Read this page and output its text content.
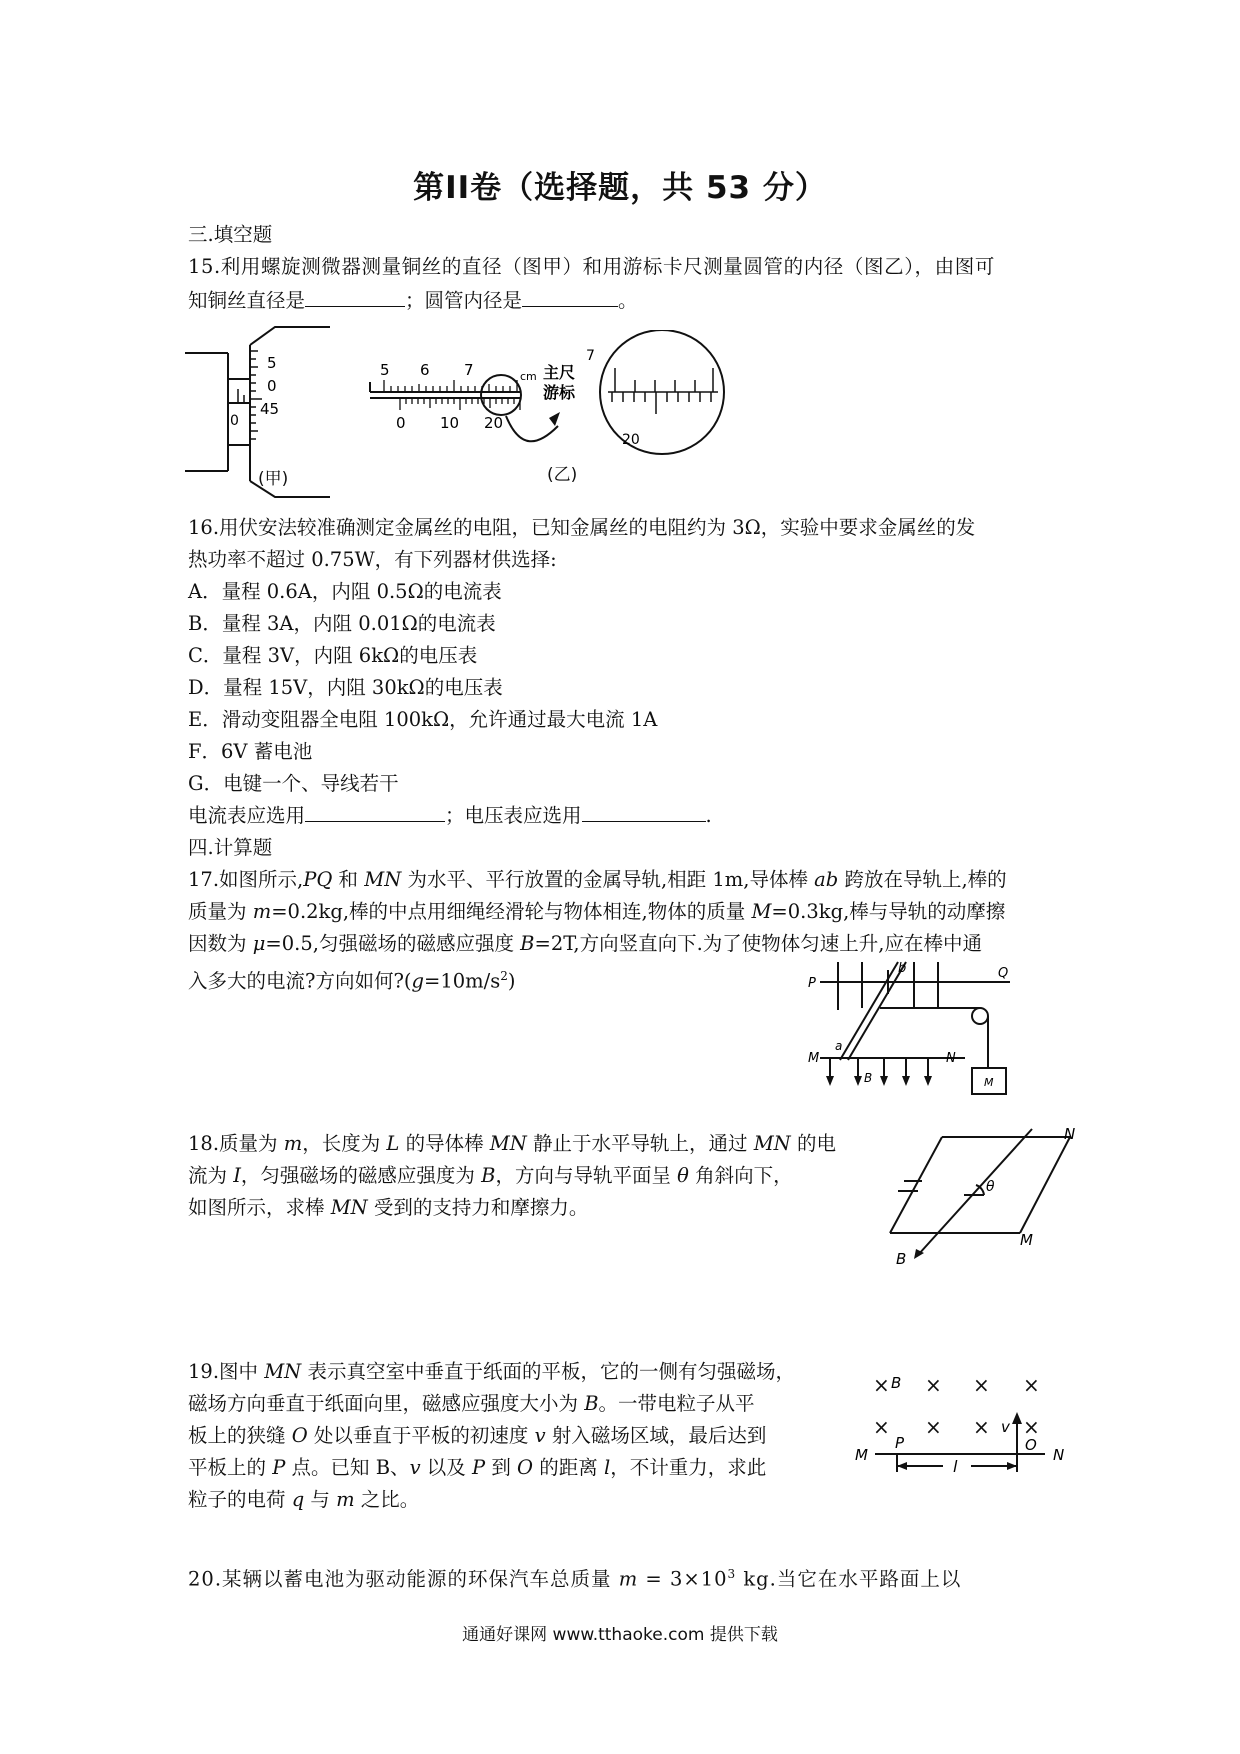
第II卷（选择题，共 53 分）
三.填空题
15.利用螺旋测微器测量铜丝的直径（图甲）和用游标卡尺测量圆管的内径（图乙），由图可
知铜丝直径是	；圆管内径是	。
5
0
45
0
(甲)
5 6 7	cm
0 10 20
主尺
游标
7
20
(乙)

16.用伏安法较准确测定金属丝的电阻，已知金属丝的电阻约为 3Ω，实验中要求金属丝的发

热功率不超过 0.75W，有下列器材供选择:

A．量程 0.6A，内阻 0.5Ω的电流表

B．量程 3A，内阻 0.01Ω的电流表

C．量程 3V，内阻 6kΩ的电压表

D．量程 15V，内阻 30kΩ的电压表

E．滑动变阻器全电阻 100kΩ，允许通过最大电流 1A

F．6V 蓄电池

G．电键一个、导线若干

电流表应选用	；电压表应选用	.

四.计算题

17.如图所示,PQ 和 MN 为水平、平行放置的金属导轨,相距 1m,导体棒 ab 跨放在导轨上,棒的

质量为 m=0.2kg,棒的中点用细绳经滑轮与物体相连,物体的质量 M=0.3kg,棒与导轨的动摩擦

因数为 μ=0.5,匀强磁场的磁感应强度 B=2T,方向竖直向下.为了使物体匀速上升,应在棒中通

入多大的电流?方向如何$?(g=10m/s^2)$	P
Q
b
M	N
a
B	M

18.质量为 m，长度为 L 的导体棒 MN 静止于水平导轨上，通过 MN 的电

流为 I，匀强磁场的磁感应强度为 B，方向与导轨平面呈 θ 角斜向下，

如图所示，求棒 MN 受到的支持力和摩擦力。

N
M
B
θ

19.图中 MN 表示真空室中垂直于纸面的平板，它的一侧有匀强磁场，

磁场方向垂直于纸面向里，磁感应强度大小为 B。一带电粒子从平

板上的狭缝 O 处以垂直于平板的初速度 v 射入磁场区域，最后达到

平板上的 P 点。已知 B、v 以及 P 到 O 的距离 l，不计重力，求此

粒子的电荷 q 与 m 之比。

× × × ×
× × × ×
B
v
M
P	O
N
l

20.某辆以蓄电池为驱动能源的环保汽车总质量 $m = 3\times 10^3$ kg.当它在水平路面上以

通通好课网 www.tthaoke.com 提供下载
